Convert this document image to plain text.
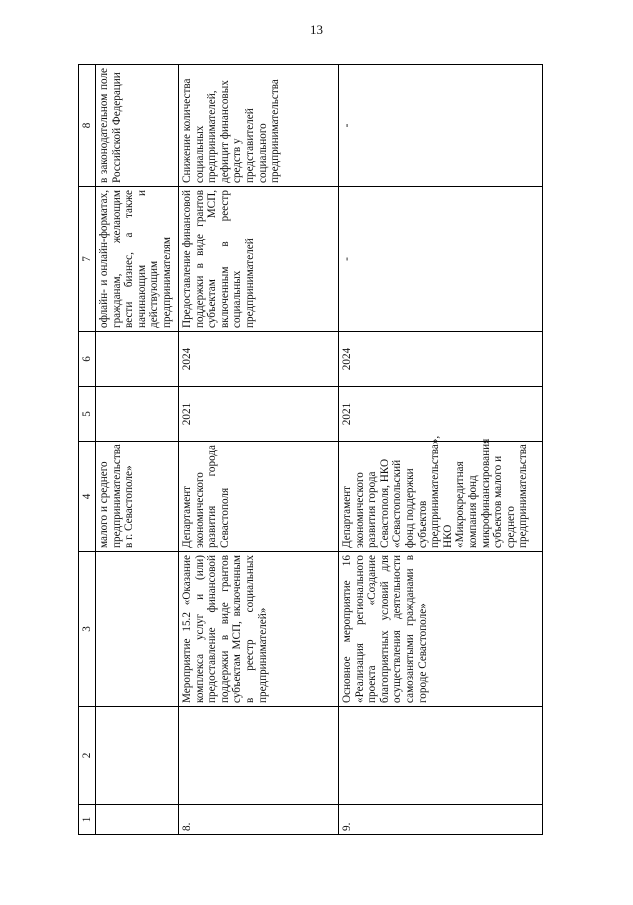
13
1	2	3	4	5	6	7	8
			малого и среднего предпринимательства в г. Севастополе»			офлайн- и онлайн-форматах, гражданам, желающим вести бизнес, а также начинающим и действующим предпринимателям	в законодательном поле Российской Федерации
8.		Мероприятие 15.2 «Оказание комплекса услуг и (или) предоставление финансовой поддержки в виде грантов субъектам МСП, включенным в реестр социальных предпринимателей»	Департамент экономического развития города Севастополя	2021	2024	Предоставление финансовой поддержки в виде грантов субъектам МСП, включенным в реестр социальных предпринимателей	Снижение количества социальных предпринимателей, дефицит финансовых средств у представителей социального предпринимательства
9.		Основное мероприятие 16 «Реализация регионального проекта «Создание благоприятных условий для осуществления деятельности самозанятыми гражданами в городе Севастополе»	Департамент экономического развития города Севастополя, НКО «Севастопольский фонд поддержки субъектов предпринимательства», НКО «Микрокредитная компания фонд микрофинансирования субъектов малого и среднего предпринимательства	2021	2024	-	-
